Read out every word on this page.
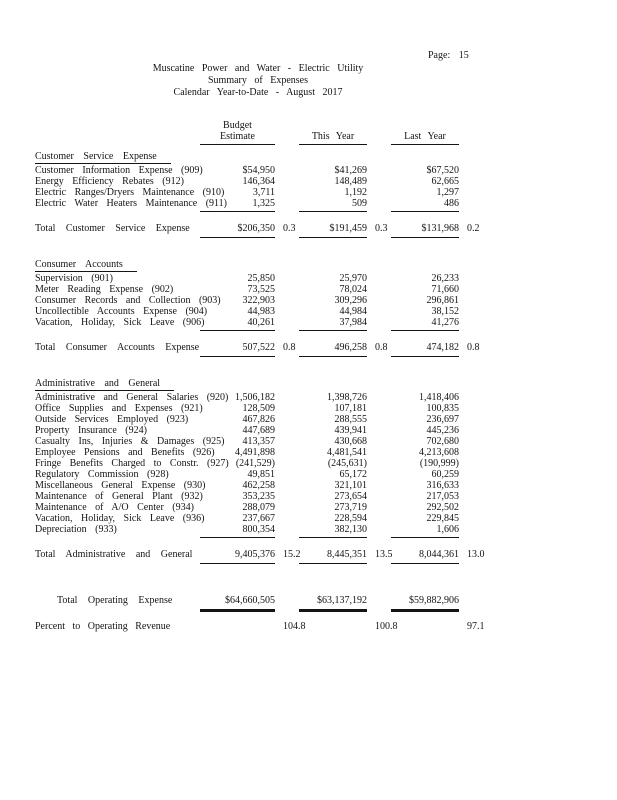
Page: 15
Muscatine Power and Water - Electric Utility
Summary of Expenses
Calendar Year-to-Date - August 2017
Budget
Estimate	This Year	Last Year
Customer Service Expense
Customer Information Expense (909)	$54,950	$41,269	$67,520
Energy Efficiency Rebates (912)	146,364	148,489	62,665
Electric Ranges/Dryers Maintenance (910)	3,711	1,192	1,297
Electric Water Heaters Maintenance (911)	1,325	509	486
Total Customer Service Expense	$206,350 0.3	$191,459 0.3	$131,968 0.2
Consumer Accounts
Supervision (901)	25,850	25,970	26,233
Meter Reading Expense (902)	73,525	78,024	71,660
Consumer Records and Collection (903)	322,903	309,296	296,861
Uncollectible Accounts Expense (904)	44,983	44,984	38,152
Vacation, Holiday, Sick Leave (906)	40,261	37,984	41,276
Total Consumer Accounts Expense	507,522 0.8	496,258 0.8	474,182 0.8
Administrative and General
Administrative and General Salaries (920) 1,506,182	1,398,726	1,418,406
Office Supplies and Expenses (921)	128,509	107,181	100,835
Outside Services Employed (923)	467,826	288,555	236,697
Property Insurance (924)	447,689	439,941	445,236
Casualty Ins, Injuries & Damages (925)	413,357	430,668	702,680
Employee Pensions and Benefits (926)	4,491,898	4,481,541	4,213,608
Fringe Benefits Charged to Constr. (927) (241,529)	(245,631)	(190,999)
Regulatory Commission (928)	49,851	65,172	60,259
Miscellaneous General Expense (930)	462,258	321,101	316,633
Maintenance of General Plant (932)	353,235	273,654	217,053
Maintenance of A/O Center (934)	288,079	273,719	292,502
Vacation, Holiday, Sick Leave (936)	237,667	228,594	229,845
Depreciation (933)	800,354	382,130	1,606
Total Administrative and General	9,405,376 15.2	8,445,351 13.5	8,044,361 13.0
Total Operating Expense	$64,660,505	$63,137,192	$59,882,906
Percent to Operating Revenue	104.8	100.8	97.1
